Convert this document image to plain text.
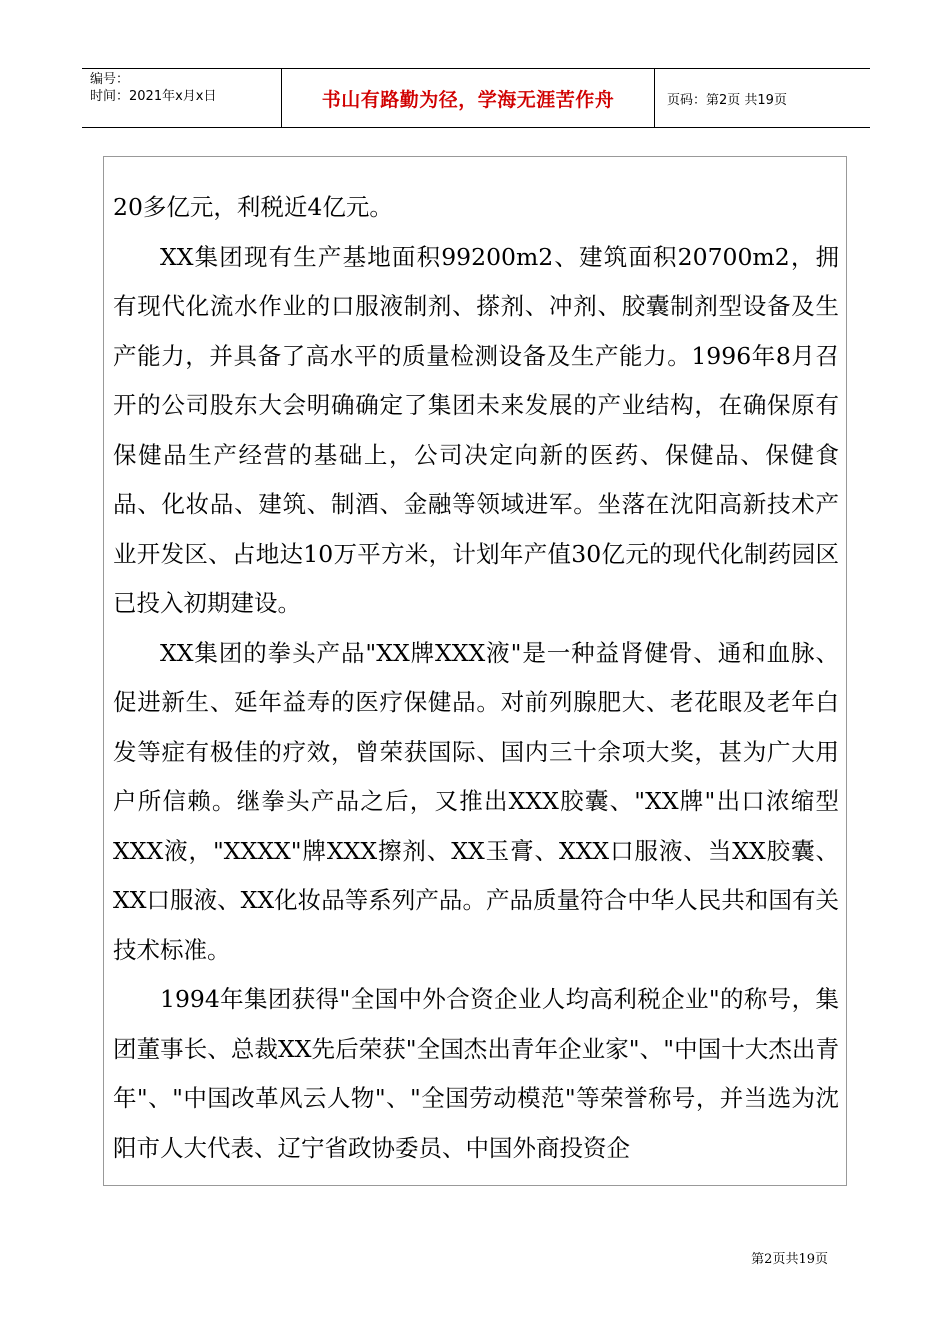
编号：
时间：2021年x月x日	书山有路勤为径，学海无涯苦作舟	页码：第2页 共19页

20多亿元，利税近4亿元。

XX集团现有生产基地面积99200m2、建筑面积20700m2，拥有现代化流水作业的口服液制剂、搽剂、冲剂、胶囊制剂型设备及生产能力，并具备了高水平的质量检测设备及生产能力。1996年8月召开的公司股东大会明确确定了集团未来发展的产业结构，在确保原有保健品生产经营的基础上，公司决定向新的医药、保健品、保健食品、化妆品、建筑、制酒、金融等领域进军。坐落在沈阳高新技术产业开发区、占地达10万平方米，计划年产值30亿元的现代化制药园区已投入初期建设。

XX集团的拳头产品"XX牌XXX液"是一种益肾健骨、通和血脉、促进新生、延年益寿的医疗保健品。对前列腺肥大、老花眼及老年白发等症有极佳的疗效，曾荣获国际、国内三十余项大奖，甚为广大用户所信赖。继拳头产品之后，又推出XXX胶囊、"XX牌"出口浓缩型XXX液，"XXXX"牌XXX擦剂、XX玉膏、XXX口服液、当XX胶囊、XX口服液、XX化妆品等系列产品。产品质量符合中华人民共和国有关技术标准。

1994年集团获得"全国中外合资企业人均高利税企业"的称号，集团董事长、总裁XX先后荣获"全国杰出青年企业家"、"中国十大杰出青年"、"中国改革风云人物"、"全国劳动模范"等荣誉称号，并当选为沈阳市人大代表、辽宁省政协委员、中国外商投资企

第2页共19页
